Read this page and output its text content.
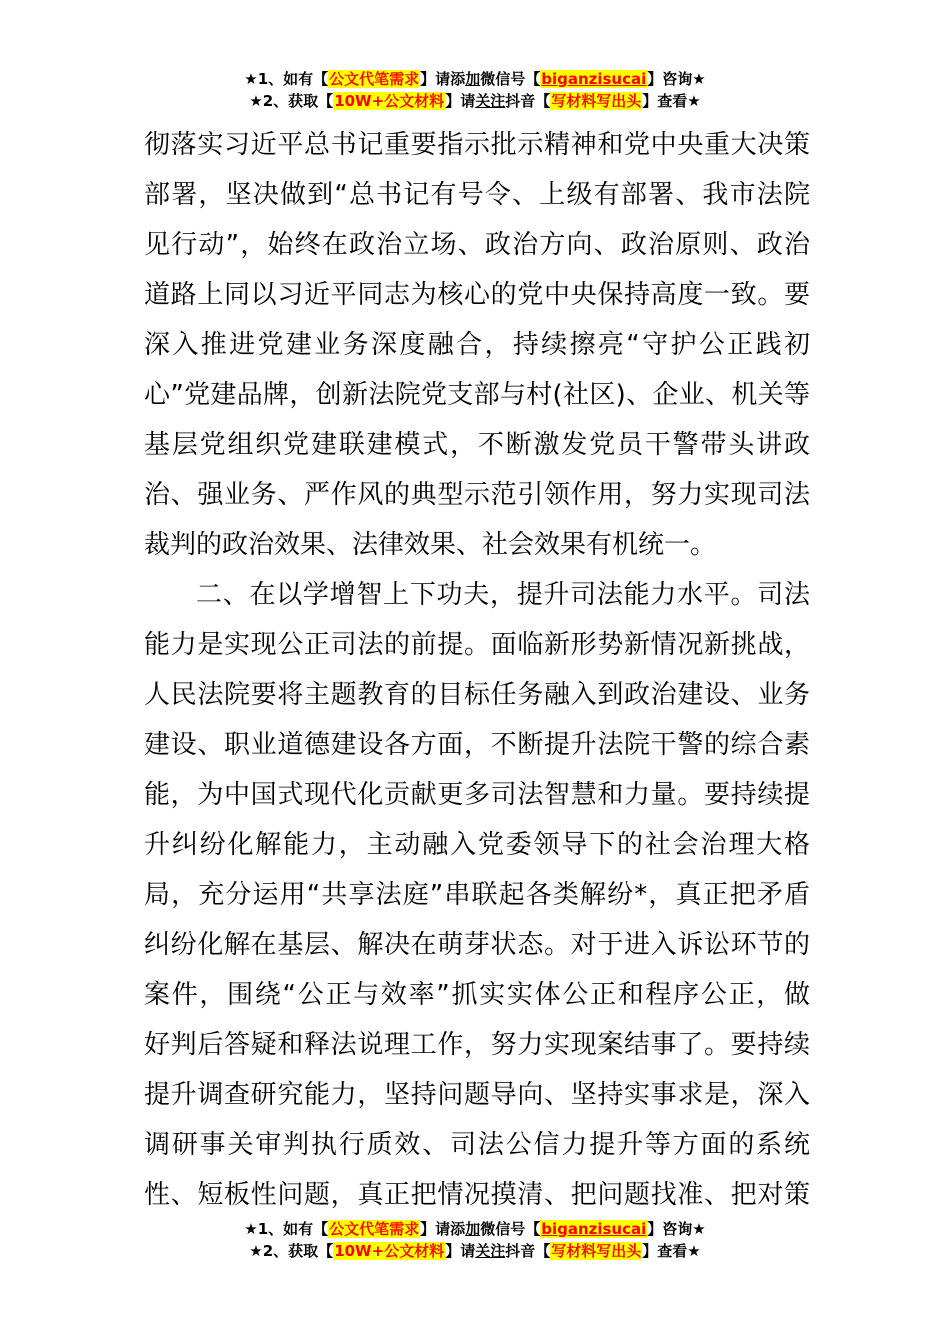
★1、如有【公文代笔需求】请添加微信号【biganzisucai】咨询★
★2、获取【10W+公文材料】请关注抖音【写材料写出头】查看★
彻落实习近平总书记重要指示批示精神和党中央重大决策
部署，坚决做到“总书记有号令、上级有部署、我市法院
见行动”，始终在政治立场、政治方向、政治原则、政治
道路上同以习近平同志为核心的党中央保持高度一致。要
深入推进党建业务深度融合，持续擦亮“守护公正践初
心”党建品牌，创新法院党支部与村(社区)、企业、机关等
基层党组织党建联建模式，不断激发党员干警带头讲政
治、强业务、严作风的典型示范引领作用，努力实现司法
裁判的政治效果、法律效果、社会效果有机统一。
二、在以学增智上下功夫，提升司法能力水平。司法
能力是实现公正司法的前提。面临新形势新情况新挑战，
人民法院要将主题教育的目标任务融入到政治建设、业务
建设、职业道德建设各方面，不断提升法院干警的综合素
能，为中国式现代化贡献更多司法智慧和力量。要持续提
升纠纷化解能力，主动融入党委领导下的社会治理大格
局，充分运用“共享法庭”串联起各类解纷*，真正把矛盾
纠纷化解在基层、解决在萌芽状态。对于进入诉讼环节的
案件，围绕“公正与效率”抓实实体公正和程序公正，做
好判后答疑和释法说理工作，努力实现案结事了。要持续
提升调查研究能力，坚持问题导向、坚持实事求是，深入
调研事关审判执行质效、司法公信力提升等方面的系统
性、短板性问题，真正把情况摸清、把问题找准、把对策
★1、如有【公文代笔需求】请添加微信号【biganzisucai】咨询★
★2、获取【10W+公文材料】请关注抖音【写材料写出头】查看★
